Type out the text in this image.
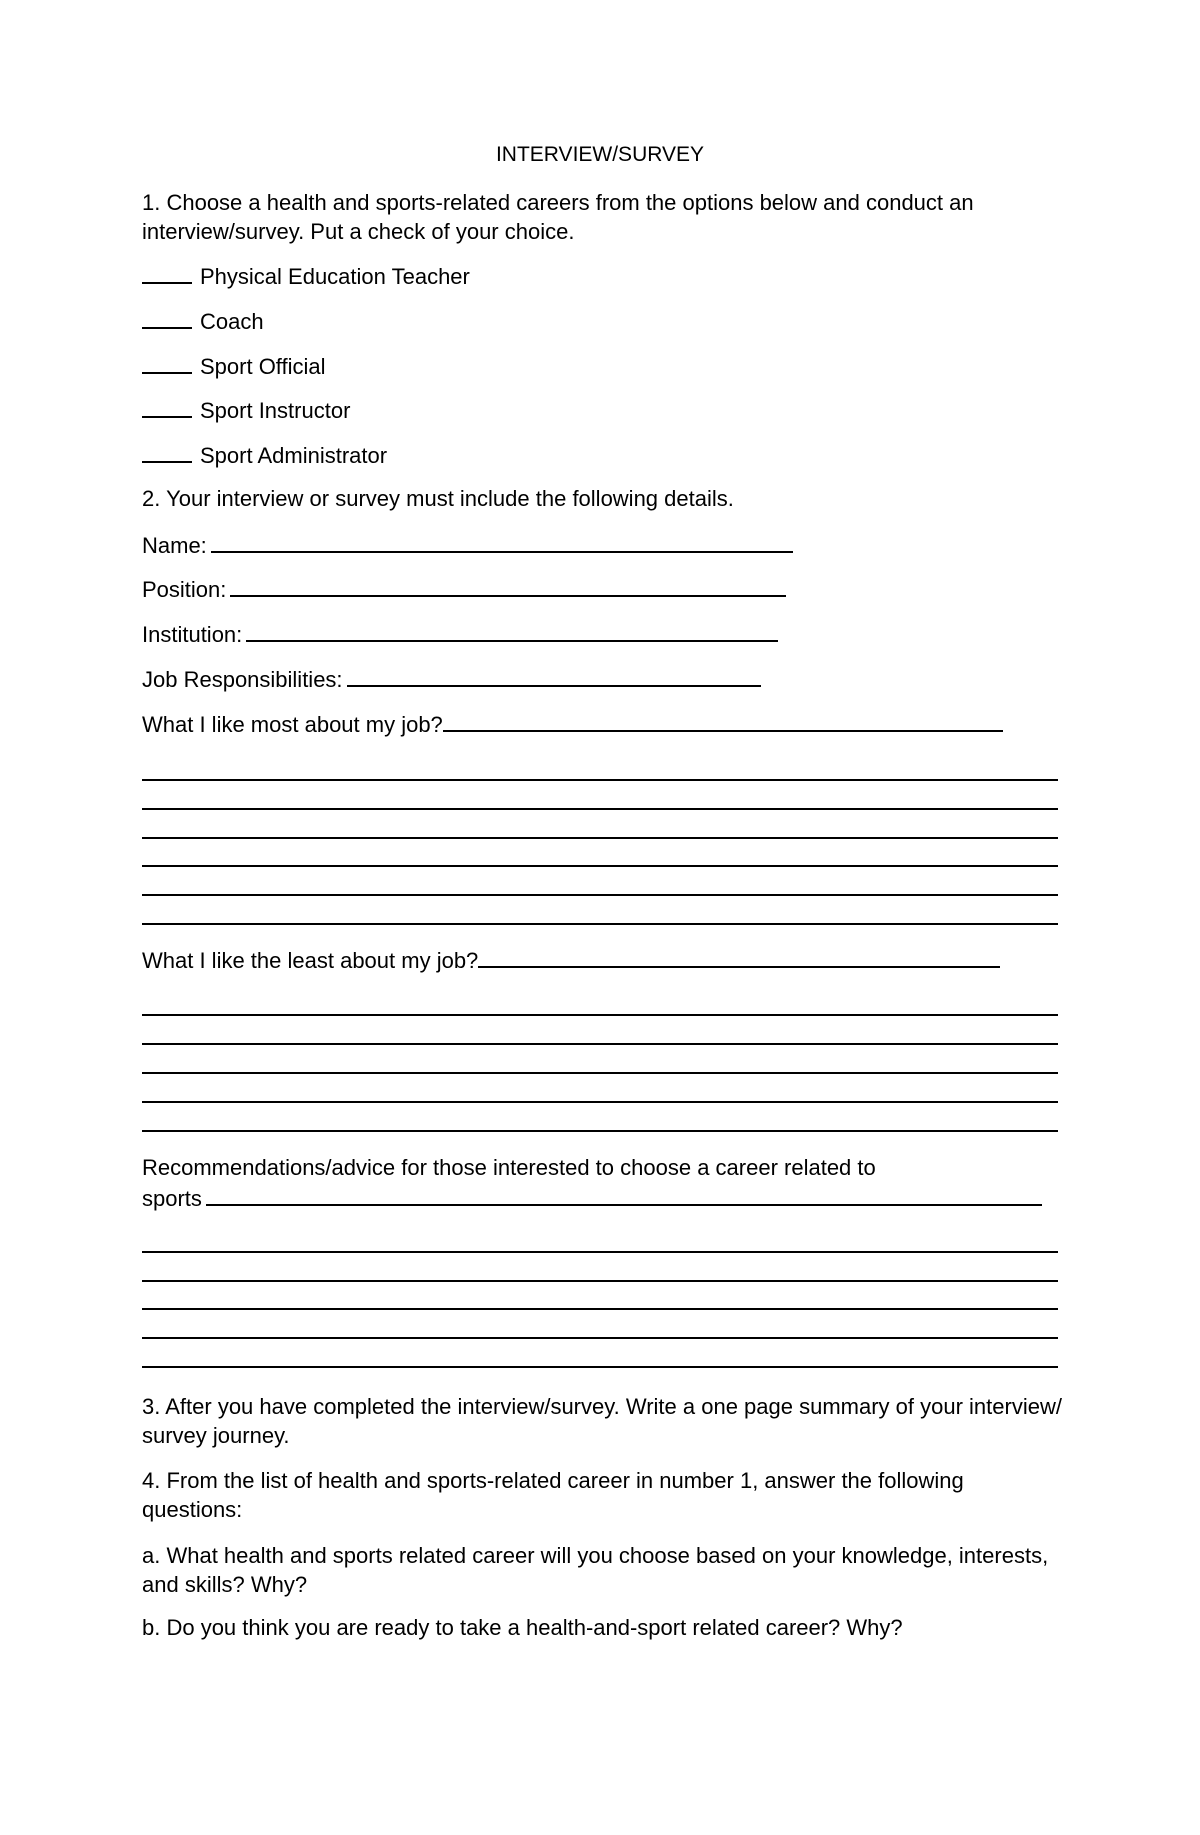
INTERVIEW/SURVEY
1. Choose a health and sports-related careers from the options below and conduct an interview/survey. Put a check of your choice.
Physical Education Teacher
Coach
Sport Official
Sport Instructor
Sport Administrator
2. Your interview or survey must include the following details.
Name:
Position:
Institution:
Job Responsibilities:
What I like most about my job?
What I like the least about my job?
Recommendations/advice for those interested to choose a career related to
sports
3. After you have completed the interview/survey. Write a one page summary of your interview/ survey journey.
4. From the list of health and sports-related career in number 1, answer the following questions:
a. What health and sports related career will you choose based on your knowledge, interests, and skills? Why?
b. Do you think you are ready to take a health-and-sport related career? Why?
